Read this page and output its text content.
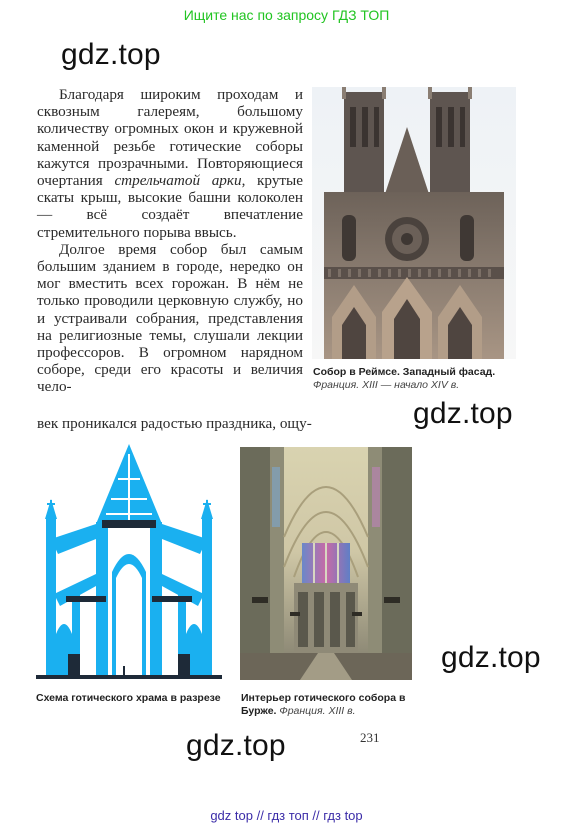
Ищите нас по запросу ГДЗ ТОП
gdz.top
gdz.top
gdz.top
gdz.top

Благодаря широким проходам и сквозным галереям, большому количеству огромных окон и кружевной каменной резьбе готические соборы кажутся прозрачными. Повторяющиеся очертания стрельчатой арки, крутые скаты крыш, высокие башни колоколен — всё создаёт впечатление стремительного порыва ввысь.

Долгое время собор был самым большим зданием в городе, нередко он мог вместить всех горожан. В нём не только проводили церковную службу, но и устраивали собрания, представления на религиозные темы, слушали лекции профессоров. В огромном нарядном соборе, среди его красоты и величия чело-

век проникался радостью праздника, ощу-
Собор в Реймсе. Западный фасад. Франция. XIII — начало XIV в.
Схема готического храма в разрезе	Интерьер готического собора в Бурже. Франция. XIII в.
231
gdz top // гдз топ // гдз top
